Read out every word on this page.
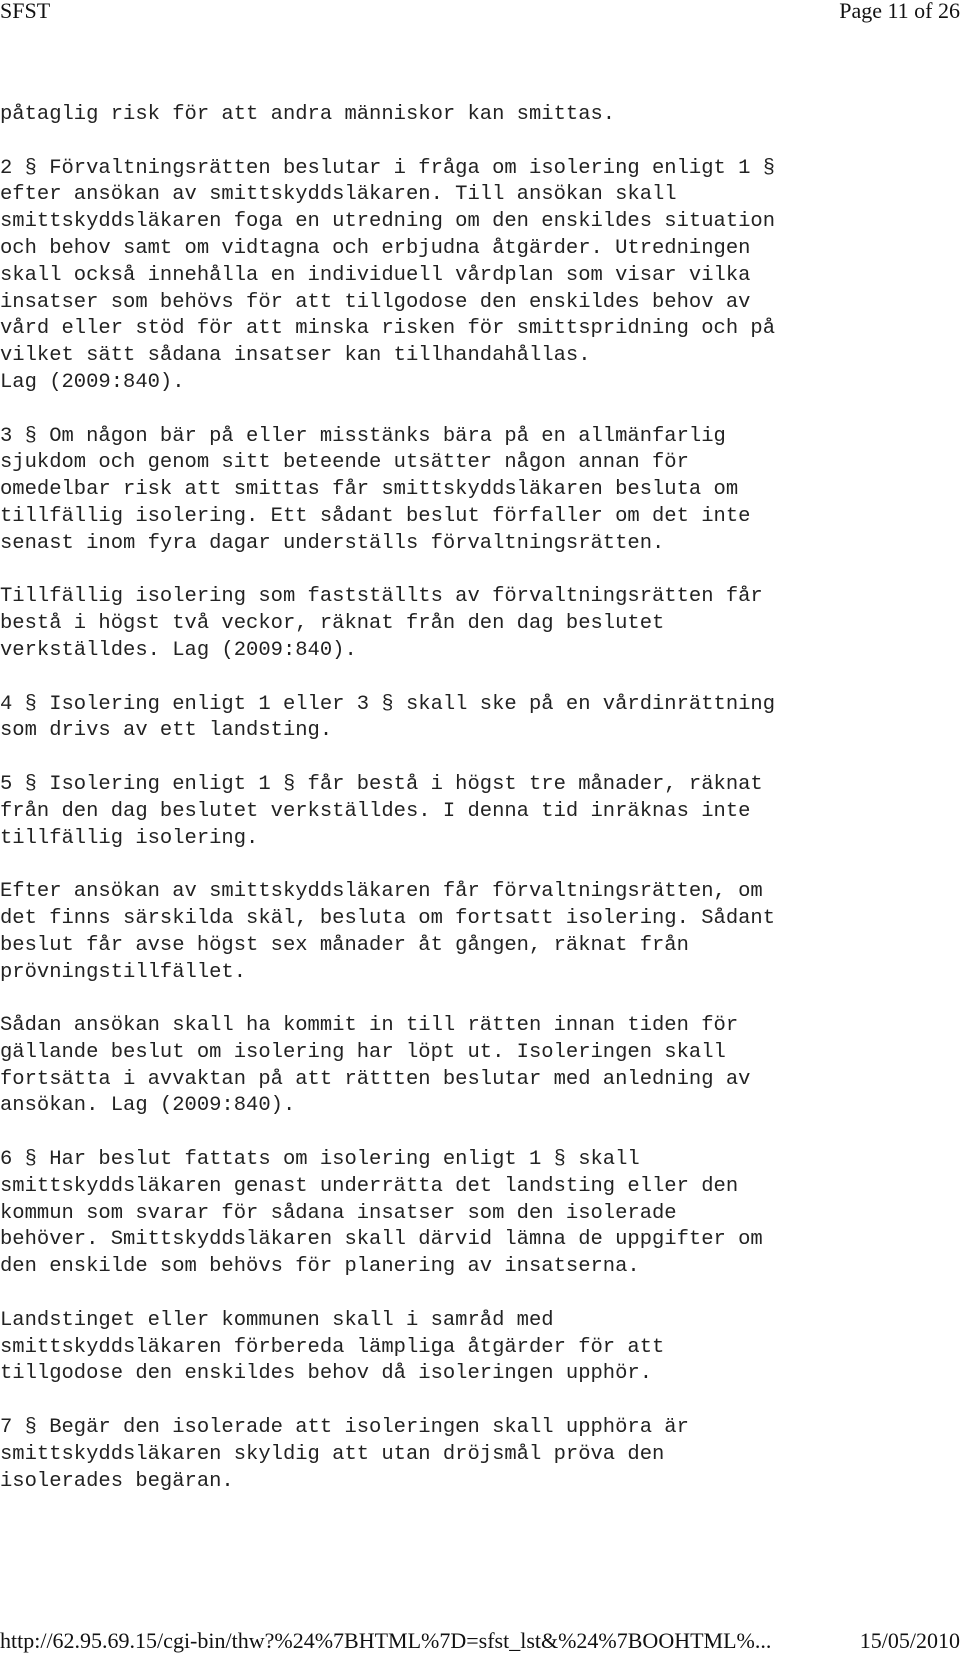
SFST	Page 11 of 26
påtaglig risk för att andra människor kan smittas.
2 § Förvaltningsrätten beslutar i fråga om isolering enligt 1 §
efter ansökan av smittskyddsläkaren. Till ansökan skall
smittskyddsläkaren foga en utredning om den enskildes situation
och behov samt om vidtagna och erbjudna åtgärder. Utredningen
skall också innehålla en individuell vårdplan som visar vilka
insatser som behövs för att tillgodose den enskildes behov av
vård eller stöd för att minska risken för smittspridning och på
vilket sätt sådana insatser kan tillhandahållas.
Lag (2009:840).
3 § Om någon bär på eller misstänks bära på en allmänfarlig
sjukdom och genom sitt beteende utsätter någon annan för
omedelbar risk att smittas får smittskyddsläkaren besluta om
tillfällig isolering. Ett sådant beslut förfaller om det inte
senast inom fyra dagar underställs förvaltningsrätten.
Tillfällig isolering som fastställts av förvaltningsrätten får
bestå i högst två veckor, räknat från den dag beslutet
verkställdes. Lag (2009:840).
4 § Isolering enligt 1 eller 3 § skall ske på en vårdinrättning
som drivs av ett landsting.
5 § Isolering enligt 1 § får bestå i högst tre månader, räknat
från den dag beslutet verkställdes. I denna tid inräknas inte
tillfällig isolering.
Efter ansökan av smittskyddsläkaren får förvaltningsrätten, om
det finns särskilda skäl, besluta om fortsatt isolering. Sådant
beslut får avse högst sex månader åt gången, räknat från
prövningstillfället.
Sådan ansökan skall ha kommit in till rätten innan tiden för
gällande beslut om isolering har löpt ut. Isoleringen skall
fortsätta i avvaktan på att rättten beslutar med anledning av
ansökan. Lag (2009:840).
6 § Har beslut fattats om isolering enligt 1 § skall
smittskyddsläkaren genast underrätta det landsting eller den
kommun som svarar för sådana insatser som den isolerade
behöver. Smittskyddsläkaren skall därvid lämna de uppgifter om
den enskilde som behövs för planering av insatserna.
Landstinget eller kommunen skall i samråd med
smittskyddsläkaren förbereda lämpliga åtgärder för att
tillgodose den enskildes behov då isoleringen upphör.
7 § Begär den isolerade att isoleringen skall upphöra är
smittskyddsläkaren skyldig att utan dröjsmål pröva den
isolerades begäran.
http://62.95.69.15/cgi-bin/thw?%24%7BHTML%7D=sfst_lst&%24%7BOOHTML%...	15/05/2010
